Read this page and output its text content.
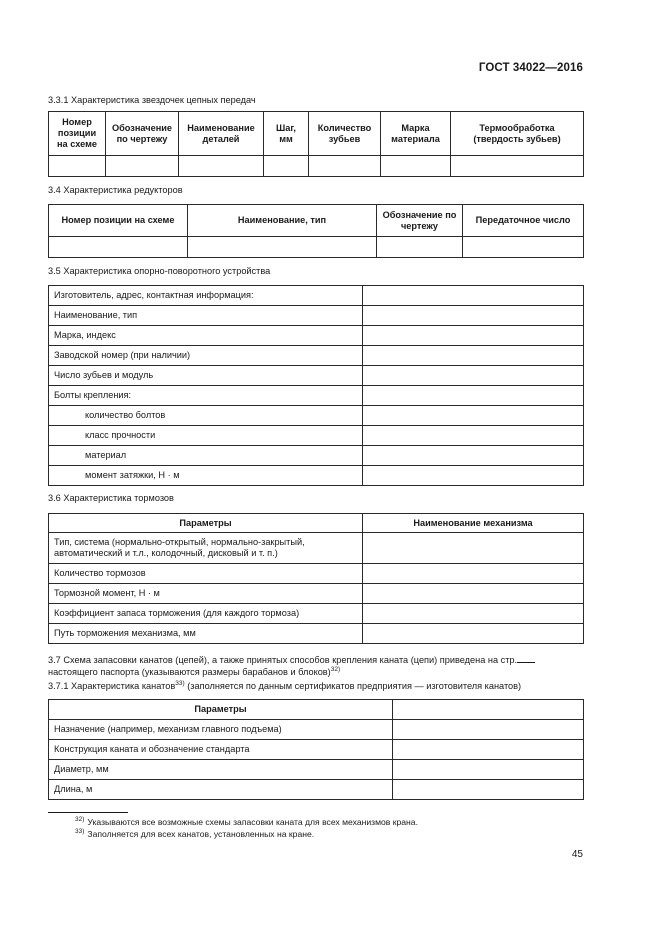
ГОСТ 34022—2016
3.3.1 Характеристика звездочек цепных передач
Номер позиции на схеме	Обозначение по чертежу	Наименование деталей	Шаг, мм	Количество зубьев	Марка материала	Термообработка (твердость зубьев)

3.4 Характеристика редукторов
Номер позиции на схеме	Наименование, тип	Обозначение по чертежу	Передаточное число

3.5 Характеристика опорно-поворотного устройства
Изготовитель, адрес, контактная информация:	
Наименование, тип	
Марка, индекс	
Заводской номер (при наличии)	
Число зубьев и модуль	
Болты крепления:	
количество болтов	
класс прочности	
материал	
момент затяжки, Н · м	
3.6 Характеристика тормозов
Параметры	Наименование механизма
Тип, система (нормально-открытый, нормально-закрытый, автоматический и т.л., колодочный, дисковый и т. п.)	
Количество тормозов	
Тормозной момент, Н · м	
Коэффициент запаса торможения (для каждого тормоза)	
Путь торможения механизма, мм	
3.7 Схема запасовки канатов (цепей), а также принятых способов крепления каната (цепи) приведена на стр.
настоящего паспорта (указываются размеры барабанов и блоков)$^{32)}$
3.7.1 Характеристика канатов$^{33)}$ (заполняется по данным сертификатов предприятия — изготовителя канатов)
Параметры	
Назначение (например, механизм главного подъема)	
Конструкция каната и обозначение стандарта	
Диаметр, мм	
Длина, м	
$^{32)}$ Указываются все возможные схемы запасовки каната для всех механизмов крана.
$^{33)}$ Заполняется для всех канатов, установленных на кране.
45
